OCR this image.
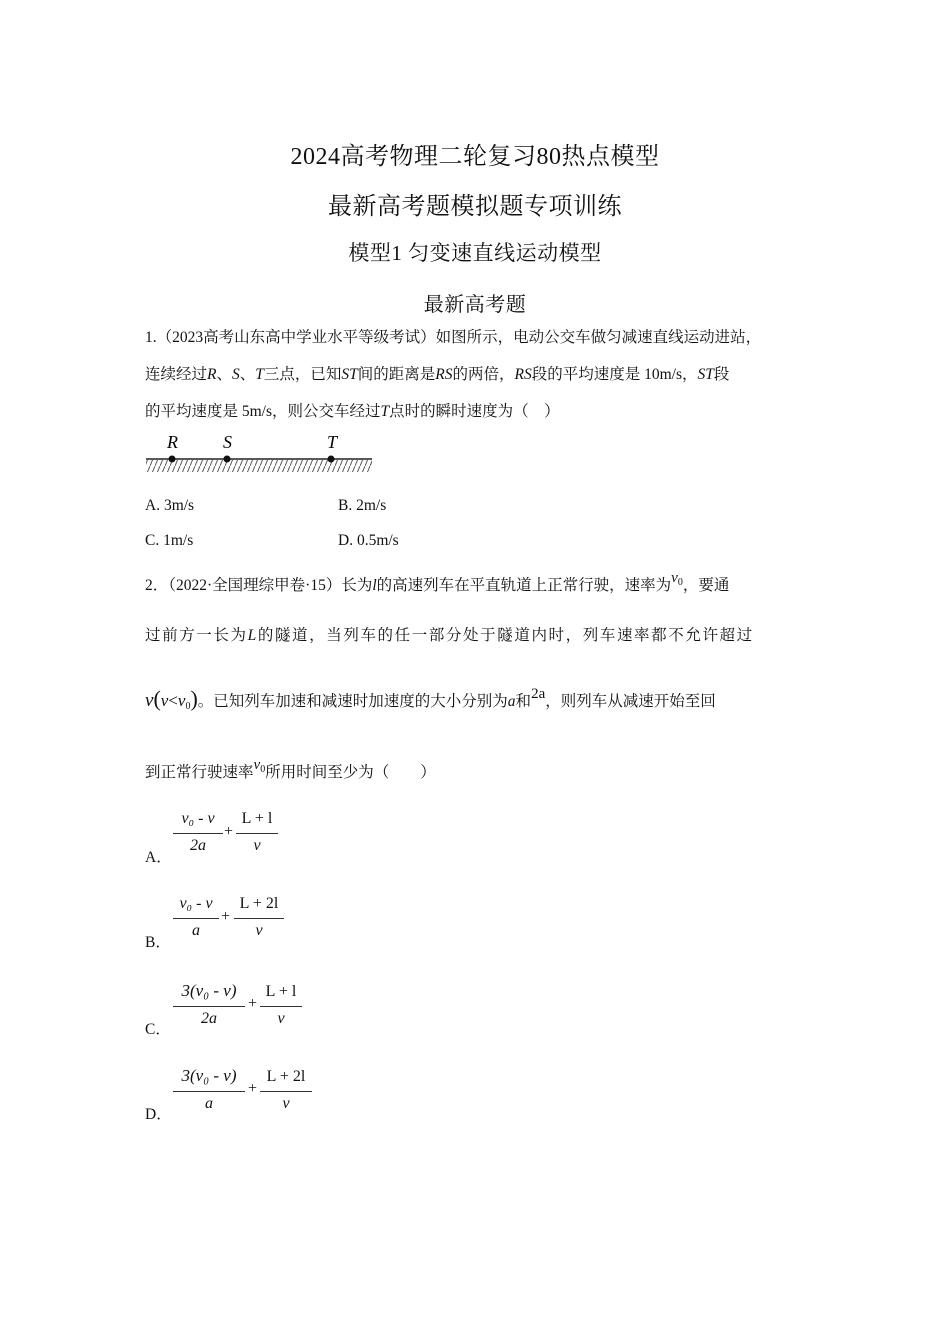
2024高考物理二轮复习80热点模型
最新高考题模拟题专项训练
模型1 匀变速直线运动模型
最新高考题
1.（2023高考山东高中学业水平等级考试）如图所示，电动公交车做匀减速直线运动进站，
连续经过R、S、T三点，已知ST间的距离是RS的两倍，RS段的平均速度是 10m/s，ST段
的平均速度是 5m/s，则公交车经过T点时的瞬时速度为（　）
R	S	T
A. 3m/s	B. 2m/s
C. 1m/s	D. 0.5m/s
2．（2022·全国理综甲卷·15）长为l的高速列车在平直轨道上正常行驶，速率为$v_0$，要通
过前方一长为L的隧道，当列车的任一部分处于隧道内时，列车速率都不允许超过
$v(v<v_0)$。已知列车加速和减速时加速度的大小分别为a和2a，则列车从减速开始至回
到正常行驶速率$v_0$所用时间至少为（　　）
A．
v₀ - v
2a
+
L + l
v
B．
v₀ - v
a
+
L + 2l
v
C．
3(v₀ - v)
2a
+
L + l
v
D．
3(v₀ - v)
a
+
L + 2l
v
